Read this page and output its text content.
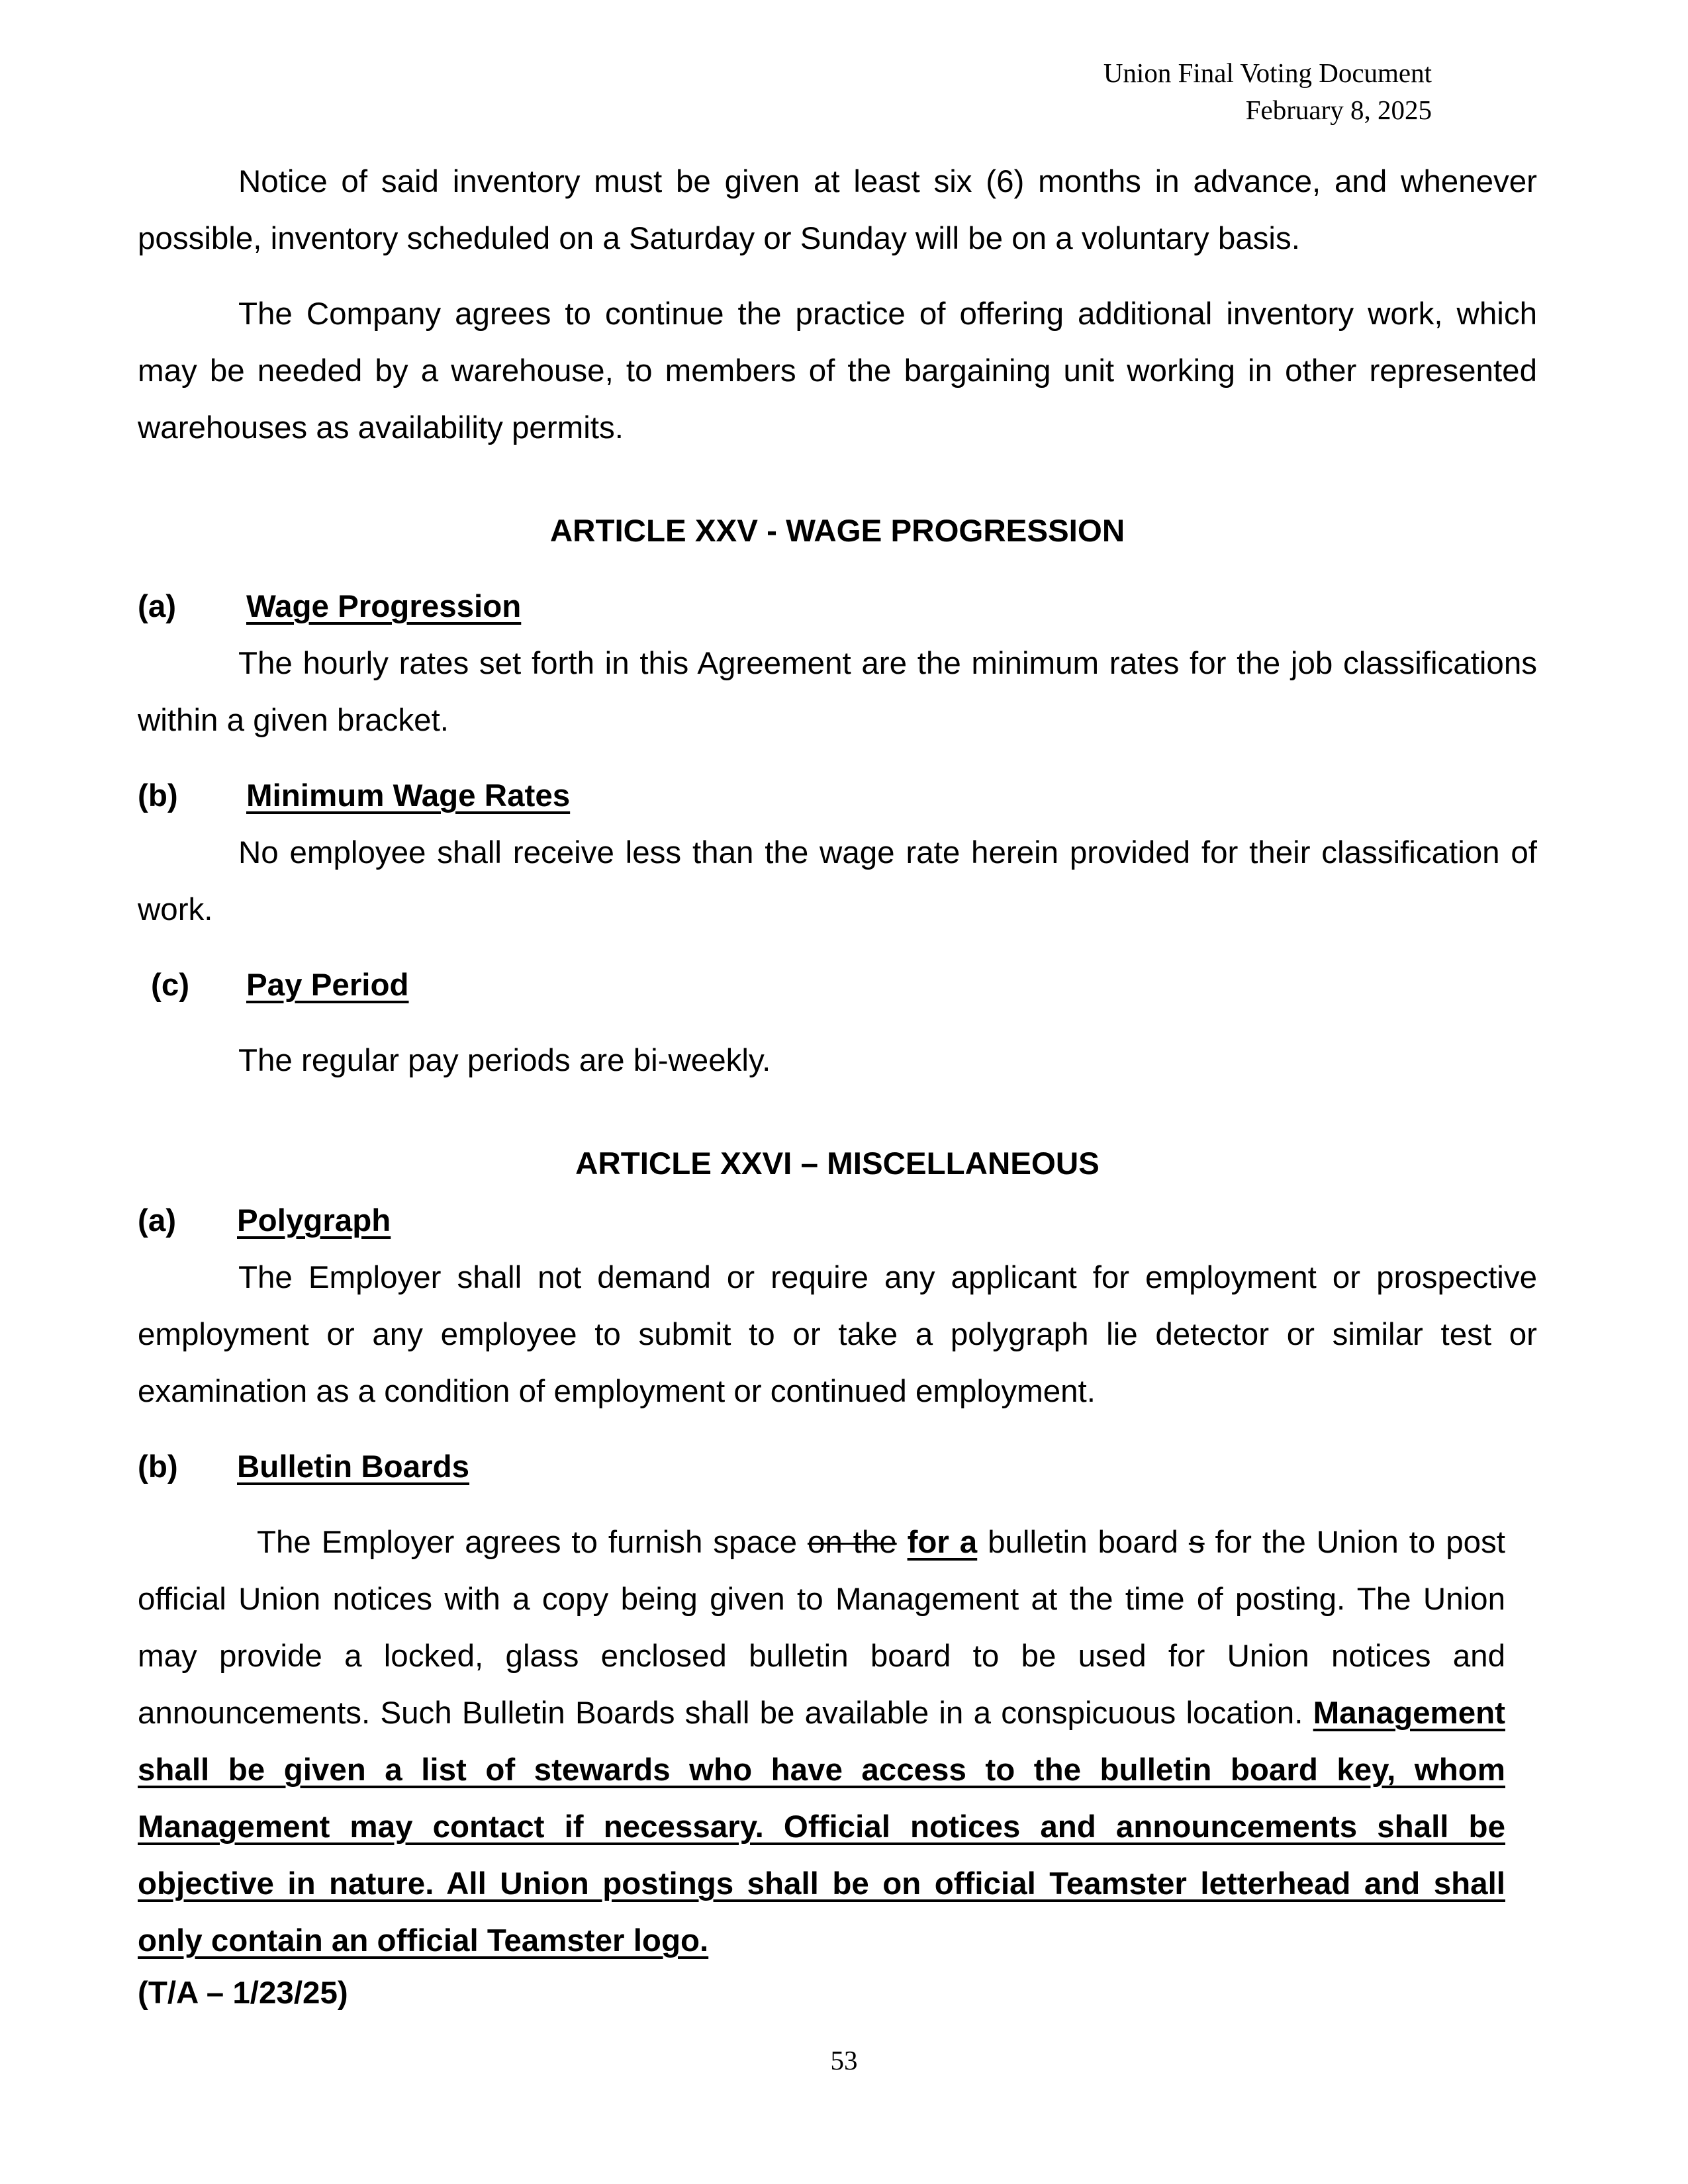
Union Final Voting Document
February 8, 2025

Notice of said inventory must be given at least six (6) months in advance, and whenever possible, inventory scheduled on a Saturday or Sunday will be on a voluntary basis.

The Company agrees to continue the practice of offering additional inventory work, which may be needed by a warehouse, to members of the bargaining unit working in other represented warehouses as availability permits.

ARTICLE XXV - WAGE PROGRESSION

(a)	Wage Progression

The hourly rates set forth in this Agreement are the minimum rates for the job classifications within a given bracket.

(b)	Minimum Wage Rates

No employee shall receive less than the wage rate herein provided for their classification of work.

(c)	Pay Period

The regular pay periods are bi-weekly.

ARTICLE XXVI – MISCELLANEOUS

(a)	Polygraph

The Employer shall not demand or require any applicant for employment or prospective employment or any employee to submit to or take a polygraph lie detector or similar test or examination as a condition of employment or continued employment.

(b)	Bulletin Boards

The Employer agrees to furnish space on the for a bulletin board s for the Union to post official Union notices with a copy being given to Management at the time of posting. The Union may provide a locked, glass enclosed bulletin board to be used for Union notices and announcements. Such Bulletin Boards shall be available in a conspicuous location. Management shall be given a list of stewards who have access to the bulletin board key, whom Management may contact if necessary. Official notices and announcements shall be objective in nature. All Union postings shall be on official Teamster letterhead and shall only contain an official Teamster logo.

(T/A – 1/23/25)

53
